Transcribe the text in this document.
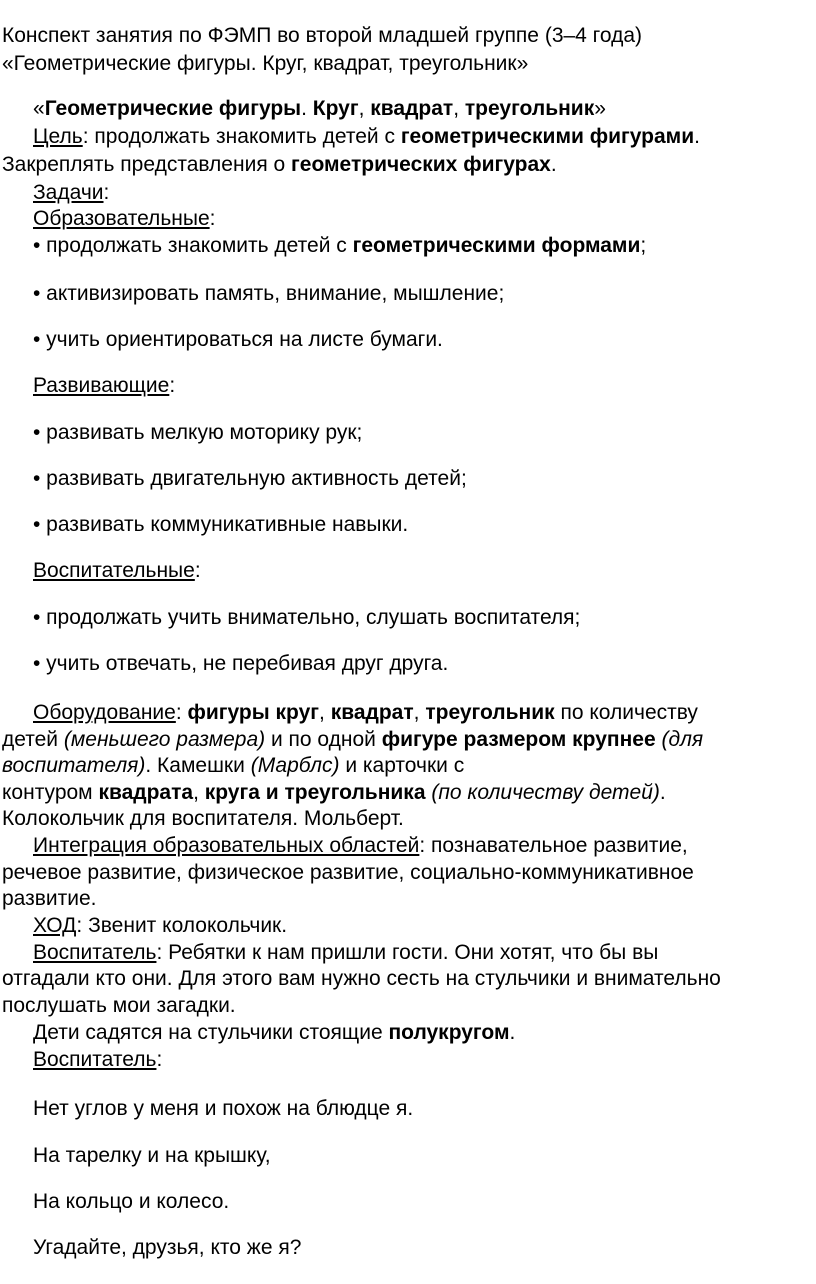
Конспект занятия по ФЭМП во второй младшей группе (3–4 года)
«Геометрические фигуры. Круг, квадрат, треугольник»
«Геометрические фигуры. Круг, квадрат, треугольник»
Цель: продолжать знакомить детей с геометрическими фигурами.
Закреплять представления о геометрических фигурах.
Задачи:
Образовательные:
• продолжать знакомить детей с геометрическими формами;
• активизировать память, внимание, мышление;
• учить ориентироваться на листе бумаги.
Развивающие:
• развивать мелкую моторику рук;
• развивать двигательную активность детей;
• развивать коммуникативные навыки.
Воспитательные:
• продолжать учить внимательно, слушать воспитателя;
• учить отвечать, не перебивая друг друга.
Оборудование: фигуры круг, квадрат, треугольник по количеству
детей (меньшего размера) и по одной фигуре размером крупнее (для
воспитателя). Камешки (Марблс) и карточки с
контуром квадрата, круга и треугольника (по количеству детей).
Колокольчик для воспитателя. Мольберт.
Интеграция образовательных областей: познавательное развитие,
речевое развитие, физическое развитие, социально-коммуникативное
развитие.
ХОД: Звенит колокольчик.
Воспитатель: Ребятки к нам пришли гости. Они хотят, что бы вы
отгадали кто они. Для этого вам нужно сесть на стульчики и внимательно
послушать мои загадки.
Дети садятся на стульчики стоящие полукругом.
Воспитатель:
Нет углов у меня и похож на блюдце я.
На тарелку и на крышку,
На кольцо и колесо.
Угадайте, друзья, кто же я?
